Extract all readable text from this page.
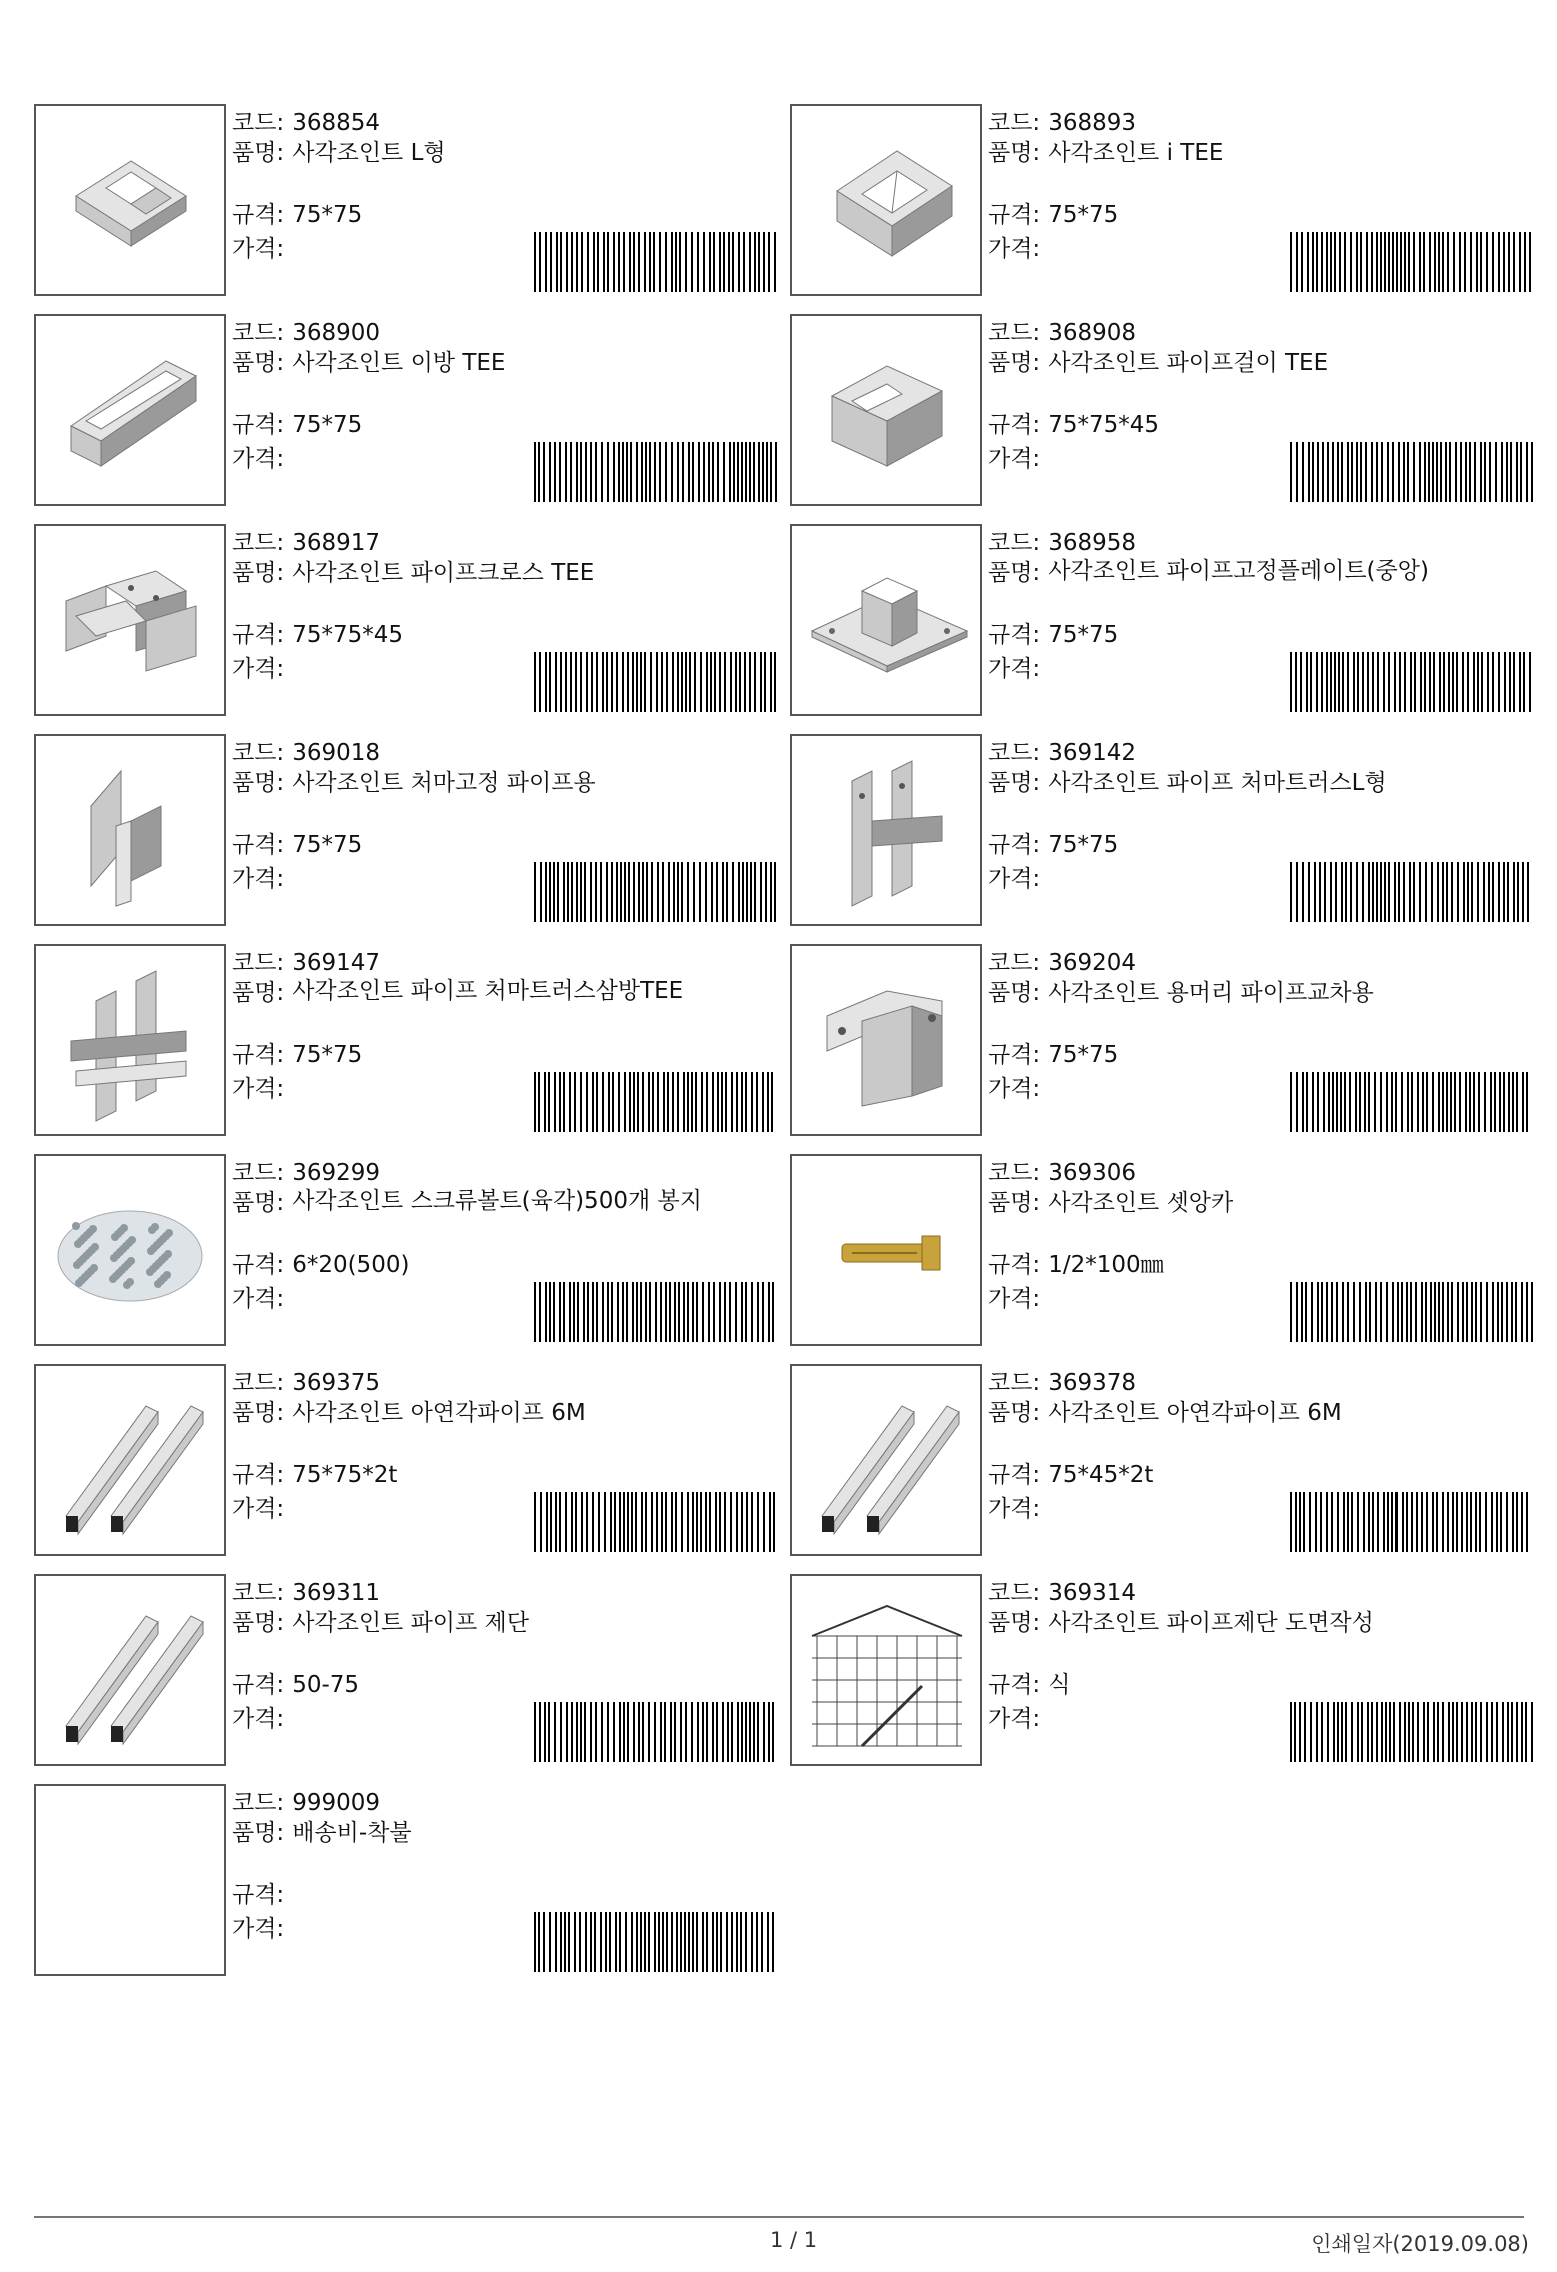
코드: 368854
품명: 사각조인트 L형
규격: 75*75
가격:
코드: 368893
품명: 사각조인트 i TEE
규격: 75*75
가격:
코드: 368900
품명: 사각조인트 이방 TEE
규격: 75*75
가격:
코드: 368908
품명: 사각조인트 파이프걸이 TEE
규격: 75*75*45
가격:
코드: 368917
품명: 사각조인트 파이프크로스 TEE
규격: 75*75*45
가격:
코드: 368958
품명: 사각조인트 파이프고정플레이트(중앙)
규격: 75*75
가격:
코드: 369018
품명: 사각조인트 처마고정 파이프용
규격: 75*75
가격:
코드: 369142
품명: 사각조인트 파이프 처마트러스L형
규격: 75*75
가격:
코드: 369147
품명: 사각조인트 파이프 처마트러스삼방TEE
규격: 75*75
가격:
코드: 369204
품명: 사각조인트 용머리 파이프교차용
규격: 75*75
가격:
코드: 369299
품명: 사각조인트 스크류볼트(육각)500개 봉지
규격: 6*20(500)
가격:
코드: 369306
품명: 사각조인트 셋앙카
규격: 1/2*100㎜
가격:
코드: 369375
품명: 사각조인트 아연각파이프 6M
규격: 75*75*2t
가격:
코드: 369378
품명: 사각조인트 아연각파이프 6M
규격: 75*45*2t
가격:
코드: 369311
품명: 사각조인트 파이프 제단
규격: 50-75
가격:
코드: 369314
품명: 사각조인트 파이프제단 도면작성
규격: 식
가격:
코드: 999009
품명: 배송비-착불
규격:
가격:
1 / 1	인쇄일자(2019.09.08)
